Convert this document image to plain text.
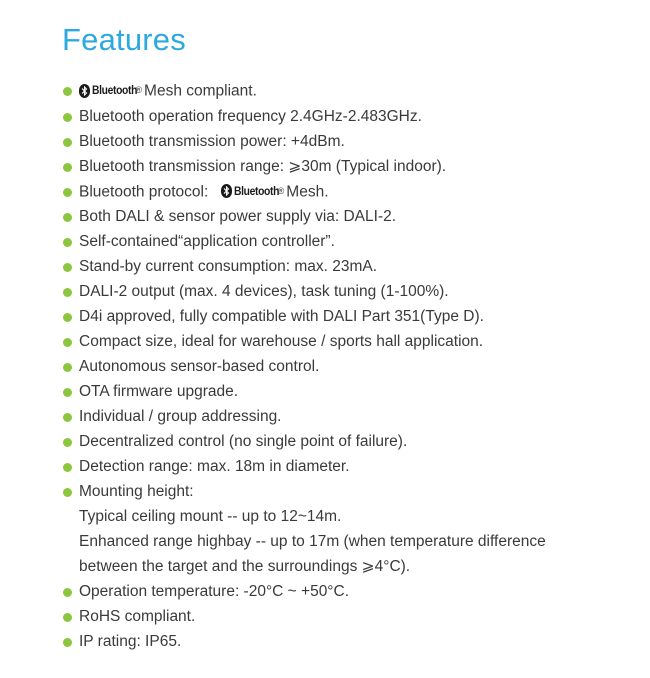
Features
Bluetooth
® Mesh compliant.
Bluetooth operation frequency 2.4GHz-2.483GHz.
Bluetooth transmission power: +4dBm.
Bluetooth transmission range: ⩾30m (Typical indoor).
Bluetooth protocol: Bluetooth
® Mesh.
Both DALI & sensor power supply via: DALI-2.
Self-contained“application controller”.
Stand-by current consumption: max. 23mA.
DALI-2 output (max. 4 devices), task tuning (1-100%).
D4i approved, fully compatible with DALI Part 351(Type D).
Compact size, ideal for warehouse / sports hall application.
Autonomous sensor-based control.
OTA firmware upgrade.
Individual / group addressing.
Decentralized control (no single point of failure).
Detection range: max. 18m in diameter.
Mounting height:
Typical ceiling mount -- up to 12~14m.
Enhanced range highbay -- up to 17m (when temperature difference
between the target and the surroundings ⩾4°C).
Operation temperature: -20°C ~ +50°C.
RoHS compliant.
IP rating: IP65.
